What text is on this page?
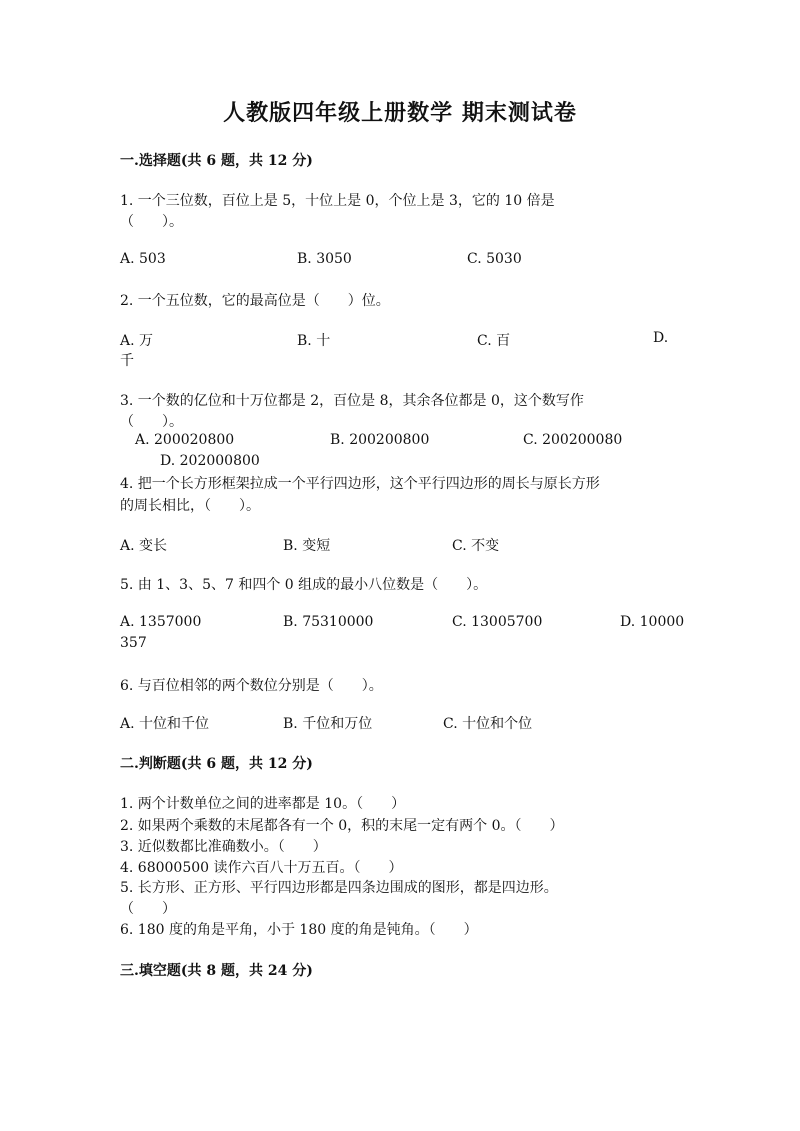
人教版四年级上册数学 期末测试卷
一.选择题(共 6 题，共 12 分)
1. 一个三位数，百位上是 5，十位上是 0，个位上是 3，它的 10 倍是
（　　）。
A. 503	B. 3050	C. 5030
2. 一个五位数，它的最高位是（　　）位。
A. 万	B. 十	C. 百	D.
千
3. 一个数的亿位和十万位都是 2，百位是 8，其余各位都是 0，这个数写作
（　　）。
A. 200020800	B. 200200800	C. 200200080
D. 202000800
4. 把一个长方形框架拉成一个平行四边形，这个平行四边形的周长与原长方形
的周长相比，（　　）。
A. 变长	B. 变短	C. 不变
5. 由 1、3、5、7 和四个 0 组成的最小八位数是（　　）。
A. 1357000	B. 75310000	C. 13005700	D. 10000
357
6. 与百位相邻的两个数位分别是（　　）。
A. 十位和千位	B. 千位和万位	C. 十位和个位
二.判断题(共 6 题，共 12 分)
1. 两个计数单位之间的进率都是 10。（　　）
2. 如果两个乘数的末尾都各有一个 0，积的末尾一定有两个 0。（　　）
3. 近似数都比准确数小。（　　）
4. 68000500 读作六百八十万五百。（　　）
5. 长方形、正方形、平行四边形都是四条边围成的图形，都是四边形。
（　　）
6. 180 度的角是平角，小于 180 度的角是钝角。（　　）
三.填空题(共 8 题，共 24 分)
